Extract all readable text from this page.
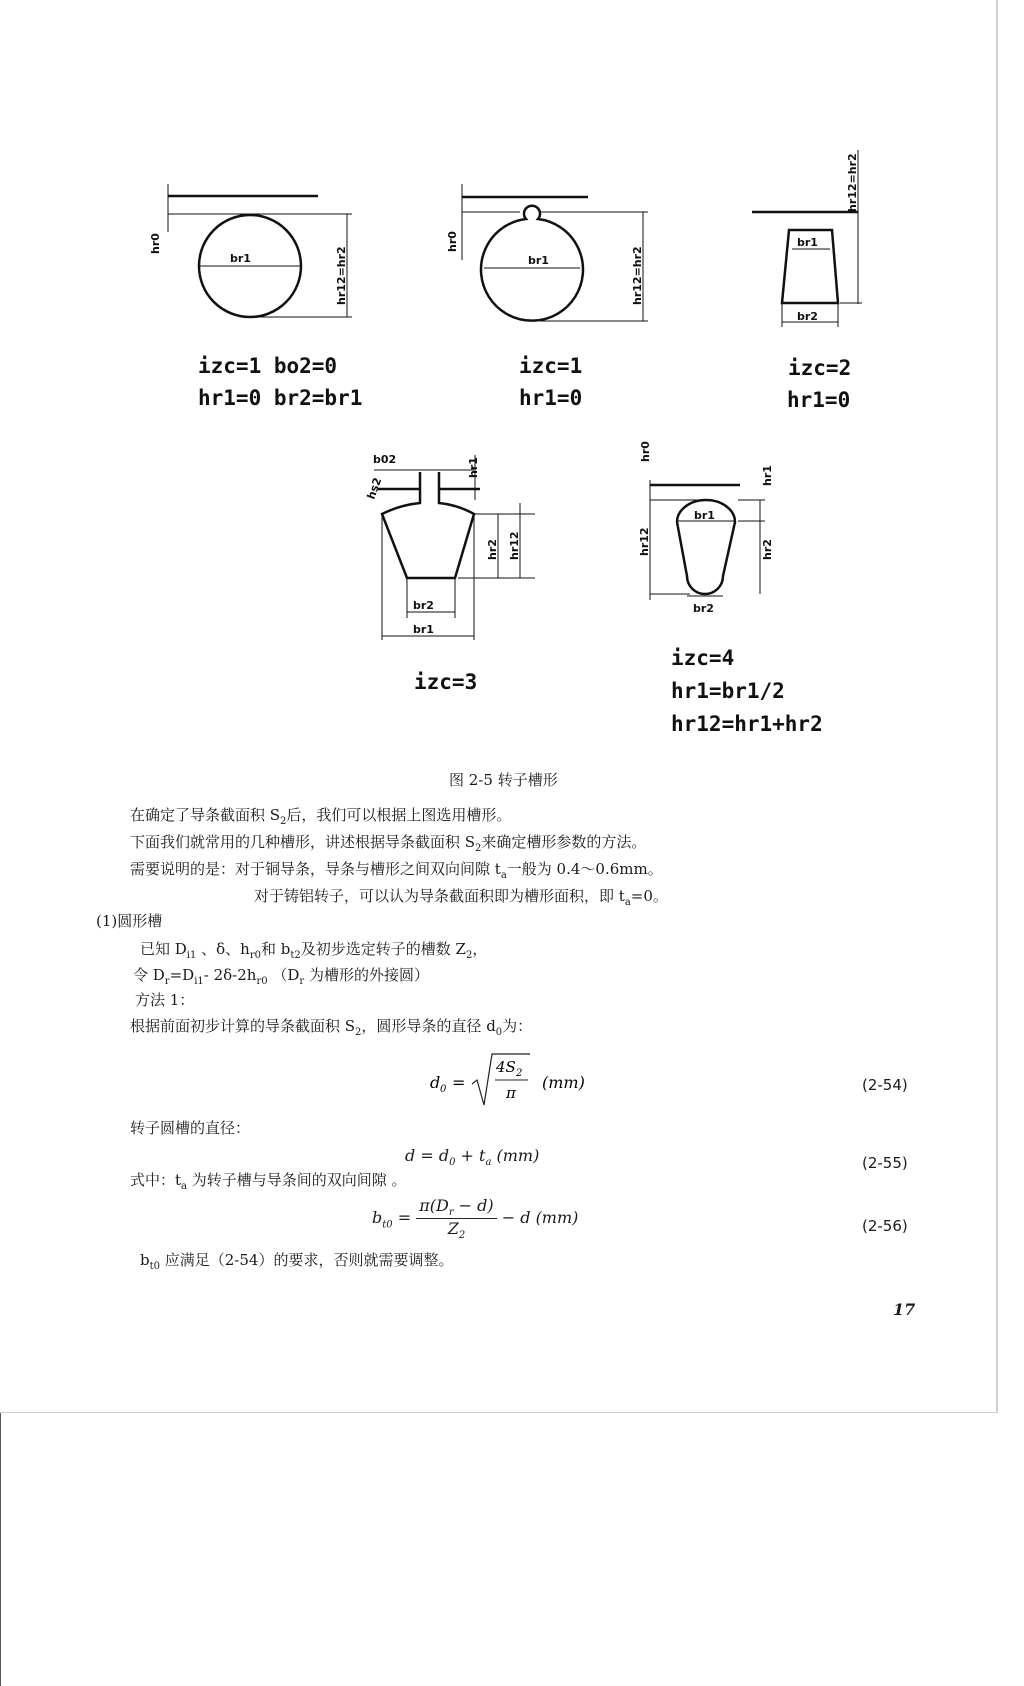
br1
hr0
hr12=hr2	br1
hr0
hr12=hr2
br1
br2
hr12=hr2
b02
hs2
hr1
hr2 hr12
br2
br1
hr0
hr1
hr12	hr2
br1
br2
izc=1 bo2=0
hr1=0 br2=br1
izc=1
hr1=0
izc=2
hr1=0
izc=3
izc=4
hr1=br1/2
hr12=hr1+hr2
图 2-5 转子槽形
在确定了导条截面积 $S_2$后，我们可以根据上图选用槽形。
下面我们就常用的几种槽形，讲述根据导条截面积 $S_2$来确定槽形参数的方法。
需要说明的是：对于铜导条，导条与槽形之间双向间隙 $t_a$一般为 0.4～0.6mm。
对于铸铝转子，可以认为导条截面积即为槽形面积，即 $t_a=0$。
(1)圆形槽
已知 $D_{i1}$ 、δ、$h_{r0}$和 $b_{t2}$及初步选定转子的槽数 $Z_2$，
令 $D_r=D_{i1}-$ $2\delta-2h_{r0}$ （$D_r$ 为槽形的外接圆）
方法 1：
根据前面初步计算的导条截面积 $S_2$，圆形导条的直径 $d_0$为：
d 0 =
4S 2
π
(mm)	(2-54)
转子圆槽的直径：
$d = d_0 + t_a$ (mm)	(2-55)
式中：$t_a$ 为转子槽与导条间的双向间隙 。
$b_{t0} = \frac{\pi(D_r - d)}{Z_2} - d$ (mm)	(2-56)
$b_{t0}$ 应满足（2-54）的要求，否则就需要调整。
17
